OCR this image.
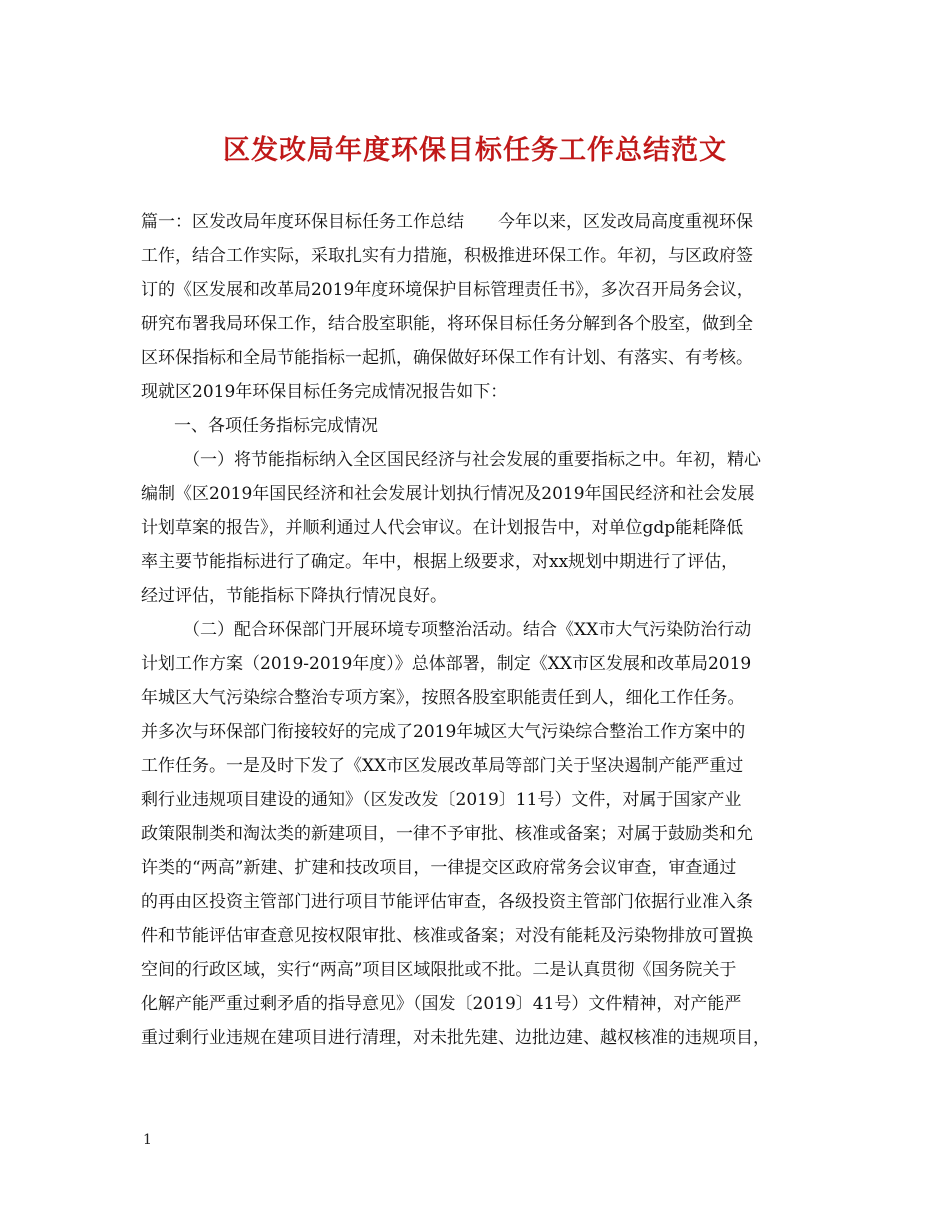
区发改局年度环保目标任务工作总结范文
篇一：区发改局年度环保目标任务工作总结　　今年以来，区发改局高度重视环保
工作，结合工作实际，采取扎实有力措施，积极推进环保工作。年初，与区政府签
订的《区发展和改革局2019年度环境保护目标管理责任书》，多次召开局务会议，
研究布署我局环保工作，结合股室职能，将环保目标任务分解到各个股室，做到全
区环保指标和全局节能指标一起抓，确保做好环保工作有计划、有落实、有考核。
现就区2019年环保目标任务完成情况报告如下：
一、各项任务指标完成情况
（一）将节能指标纳入全区国民经济与社会发展的重要指标之中。年初，精心
编制《区2019年国民经济和社会发展计划执行情况及2019年国民经济和社会发展
计划草案的报告》，并顺利通过人代会审议。在计划报告中，对单位gdp能耗降低
率主要节能指标进行了确定。年中，根据上级要求，对xx规划中期进行了评估，
经过评估，节能指标下降执行情况良好。
（二）配合环保部门开展环境专项整治活动。结合《XX市大气污染防治行动
计划工作方案（2019-2019年度）》总体部署，制定《XX市区发展和改革局2019
年城区大气污染综合整治专项方案》，按照各股室职能责任到人，细化工作任务。
并多次与环保部门衔接较好的完成了2019年城区大气污染综合整治工作方案中的
工作任务。一是及时下发了《XX市区发展改革局等部门关于坚决遏制产能严重过
剩行业违规项目建设的通知》（区发改发〔2019〕11号）文件，对属于国家产业
政策限制类和淘汰类的新建项目，一律不予审批、核准或备案；对属于鼓励类和允
许类的“两高”新建、扩建和技改项目，一律提交区政府常务会议审查，审查通过
的再由区投资主管部门进行项目节能评估审查，各级投资主管部门依据行业准入条
件和节能评估审查意见按权限审批、核准或备案；对没有能耗及污染物排放可置换
空间的行政区域，实行“两高”项目区域限批或不批。二是认真贯彻《国务院关于
化解产能严重过剩矛盾的指导意见》（国发〔2019〕41号）文件精神，对产能严
重过剩行业违规在建项目进行清理，对未批先建、边批边建、越权核准的违规项目，
1
